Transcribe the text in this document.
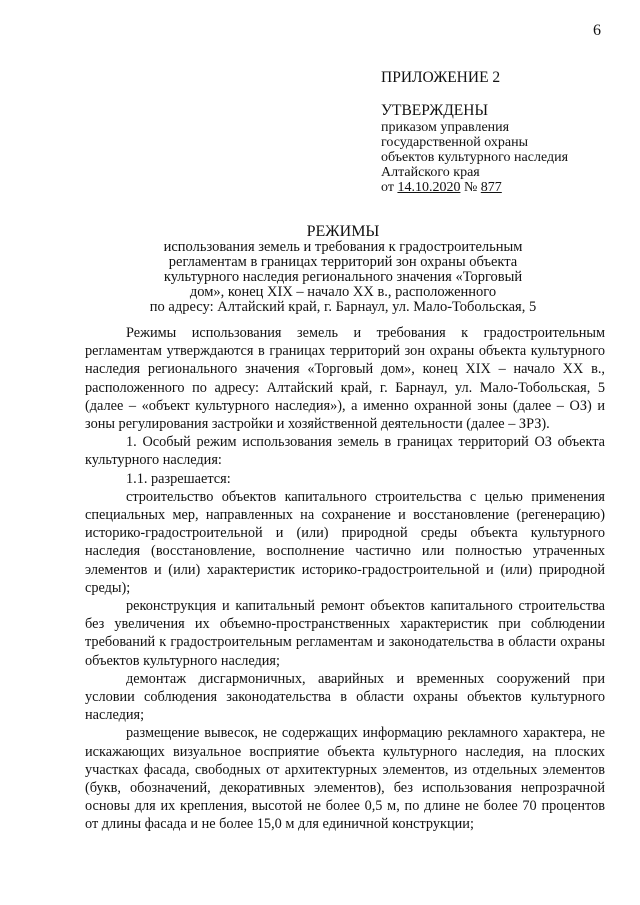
6
ПРИЛОЖЕНИЕ 2
УТВЕРЖДЕНЫ
приказом управления
государственной охраны
объектов культурного наследия
Алтайского края
от 14.10.2020 № 877
РЕЖИМЫ
использования земель и требования к градостроительным
регламентам в границах территорий зон охраны объекта
культурного наследия регионального значения «Торговый
дом», конец XIX – начало XX в., расположенного
по адресу: Алтайский край, г. Барнаул, ул. Мало-Тобольская, 5

Режимы использования земель и требования к градостроительным регламентам утверждаются в границах территорий зон охраны объекта культурного наследия регионального значения «Торговый дом», конец XIX – начало XX в., расположенного по адресу: Алтайский край, г. Барнаул, ул. Мало-Тобольская, 5 (далее – «объект культурного наследия»), а именно охранной зоны (далее – ОЗ) и зоны регулирования застройки и хозяйственной деятельности (далее – ЗРЗ).

1. Особый режим использования земель в границах территорий ОЗ объекта культурного наследия:

1.1. разрешается:

строительство объектов капитального строительства с целью применения специальных мер, направленных на сохранение и восстановление (регенерацию) историко-градостроительной и (или) природной среды объекта культурного наследия (восстановление, восполнение частично или полностью утраченных элементов и (или) характеристик историко-градостроительной и (или) природной среды);

реконструкция и капитальный ремонт объектов капитального строительства без увеличения их объемно-пространственных характеристик при соблюдении требований к градостроительным регламентам и законодательства в области охраны объектов культурного наследия;

демонтаж дисгармоничных, аварийных и временных сооружений при условии соблюдения законодательства в области охраны объектов культурного наследия;

размещение вывесок, не содержащих информацию рекламного характера, не искажающих визуальное восприятие объекта культурного наследия, на плоских участках фасада, свободных от архитектурных элементов, из отдельных элементов (букв, обозначений, декоративных элементов), без использования непрозрачной основы для их крепления, высотой не более 0,5 м, по длине не более 70 процентов от длины фасада и не более 15,0 м для единичной конструкции;
